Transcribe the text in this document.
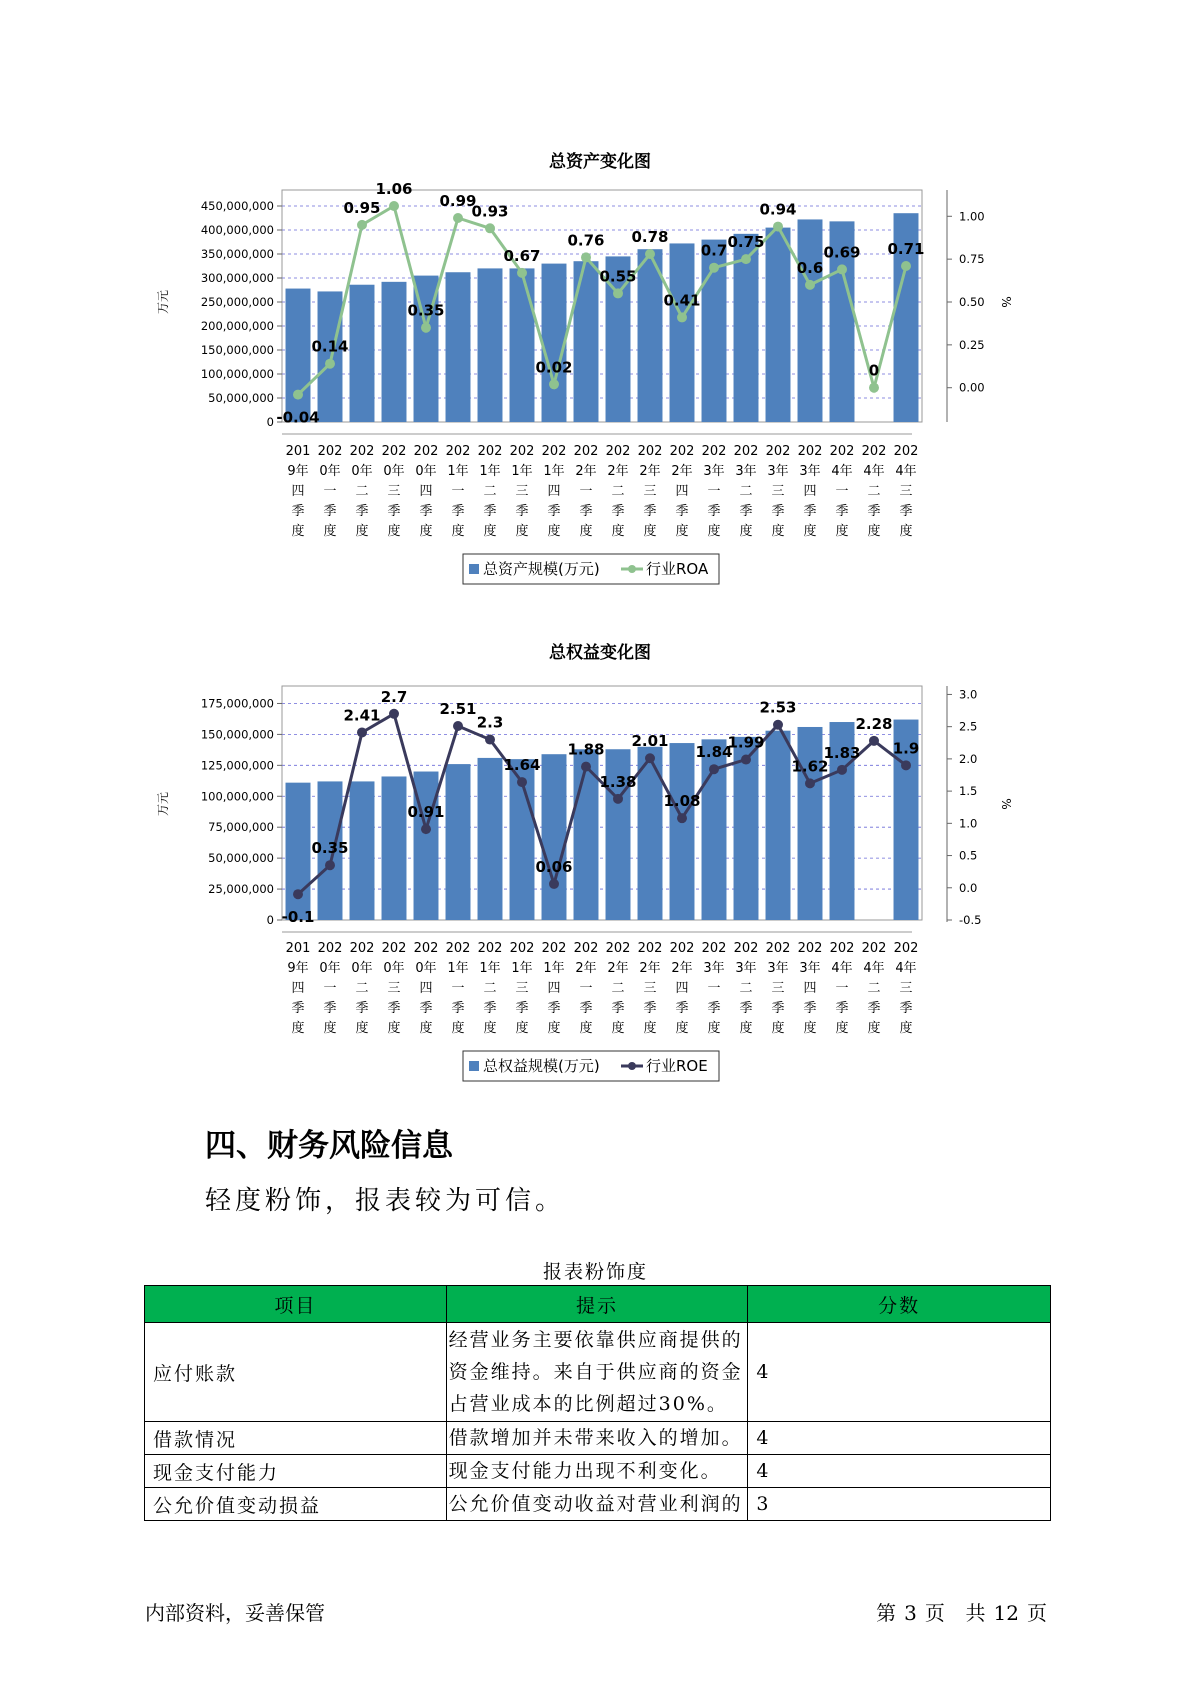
总资产变化图
450,000,000
400,000,000
350,000,000
300,000,000
250,000,000
200,000,000
150,000,000
100,000,000
50,000,000
0
1.00
0.75
0.50
0.25
0.00
万元	%
-0.04
0.14
0.95
1.06
0.35
0.99
0.93
0.67
0.02
0.76
0.55
0.78
0.41
0.7 0.75
0.94
0.6
0.69
0
0.71
201 9年四季度
202 0年一季度
202 0年二季度
202 0年三季度
202 0年四季度
202 1年一季度
202 1年二季度
202 1年三季度
202 1年四季度
202 2年一季度
202 2年二季度
202 2年三季度
202 2年四季度
202 3年一季度
202 3年二季度
202 3年三季度
202 3年四季度
202 4年一季度
202 4年二季度
202 4年三季度
总资产规模(万元)	行业ROA
总权益变化图
175,000,000
150,000,000
125,000,000
100,000,000
75,000,000
50,000,000
25,000,000
0
3.0
2.5
2.0
1.5
1.0
0.5
0.0
-0.5
万元	%
-0.1
0.35
2.41
2.7
0.91
2.51
2.3
1.64
0.06
1.88
1.38
2.01
1.08
1.84
1.99
2.53
1.62
1.83
2.28
1.9
201 9年四季度
202 0年一季度
202 0年二季度
202 0年三季度
202 0年四季度
202 1年一季度
202 1年二季度
202 1年三季度
202 1年四季度
202 2年一季度
202 2年二季度
202 2年三季度
202 2年四季度
202 3年一季度
202 3年二季度
202 3年三季度
202 3年四季度
202 4年一季度
202 4年二季度
202 4年三季度
总权益规模(万元)	行业ROE
四、财务风险信息
轻度粉饰，报表较为可信。
报表粉饰度
项目	提示	分数
应付账款	经营业务主要依靠供应商提供的资金维持。来自于供应商的资金占营业成本的比例超过30%。	4
借款情况	借款增加并未带来收入的增加。	4
现金支付能力	现金支付能力出现不利变化。	4
公允价值变动损益	公允价值变动收益对营业利润的	3
内部资料，妥善保管	第 3 页 共 12 页
